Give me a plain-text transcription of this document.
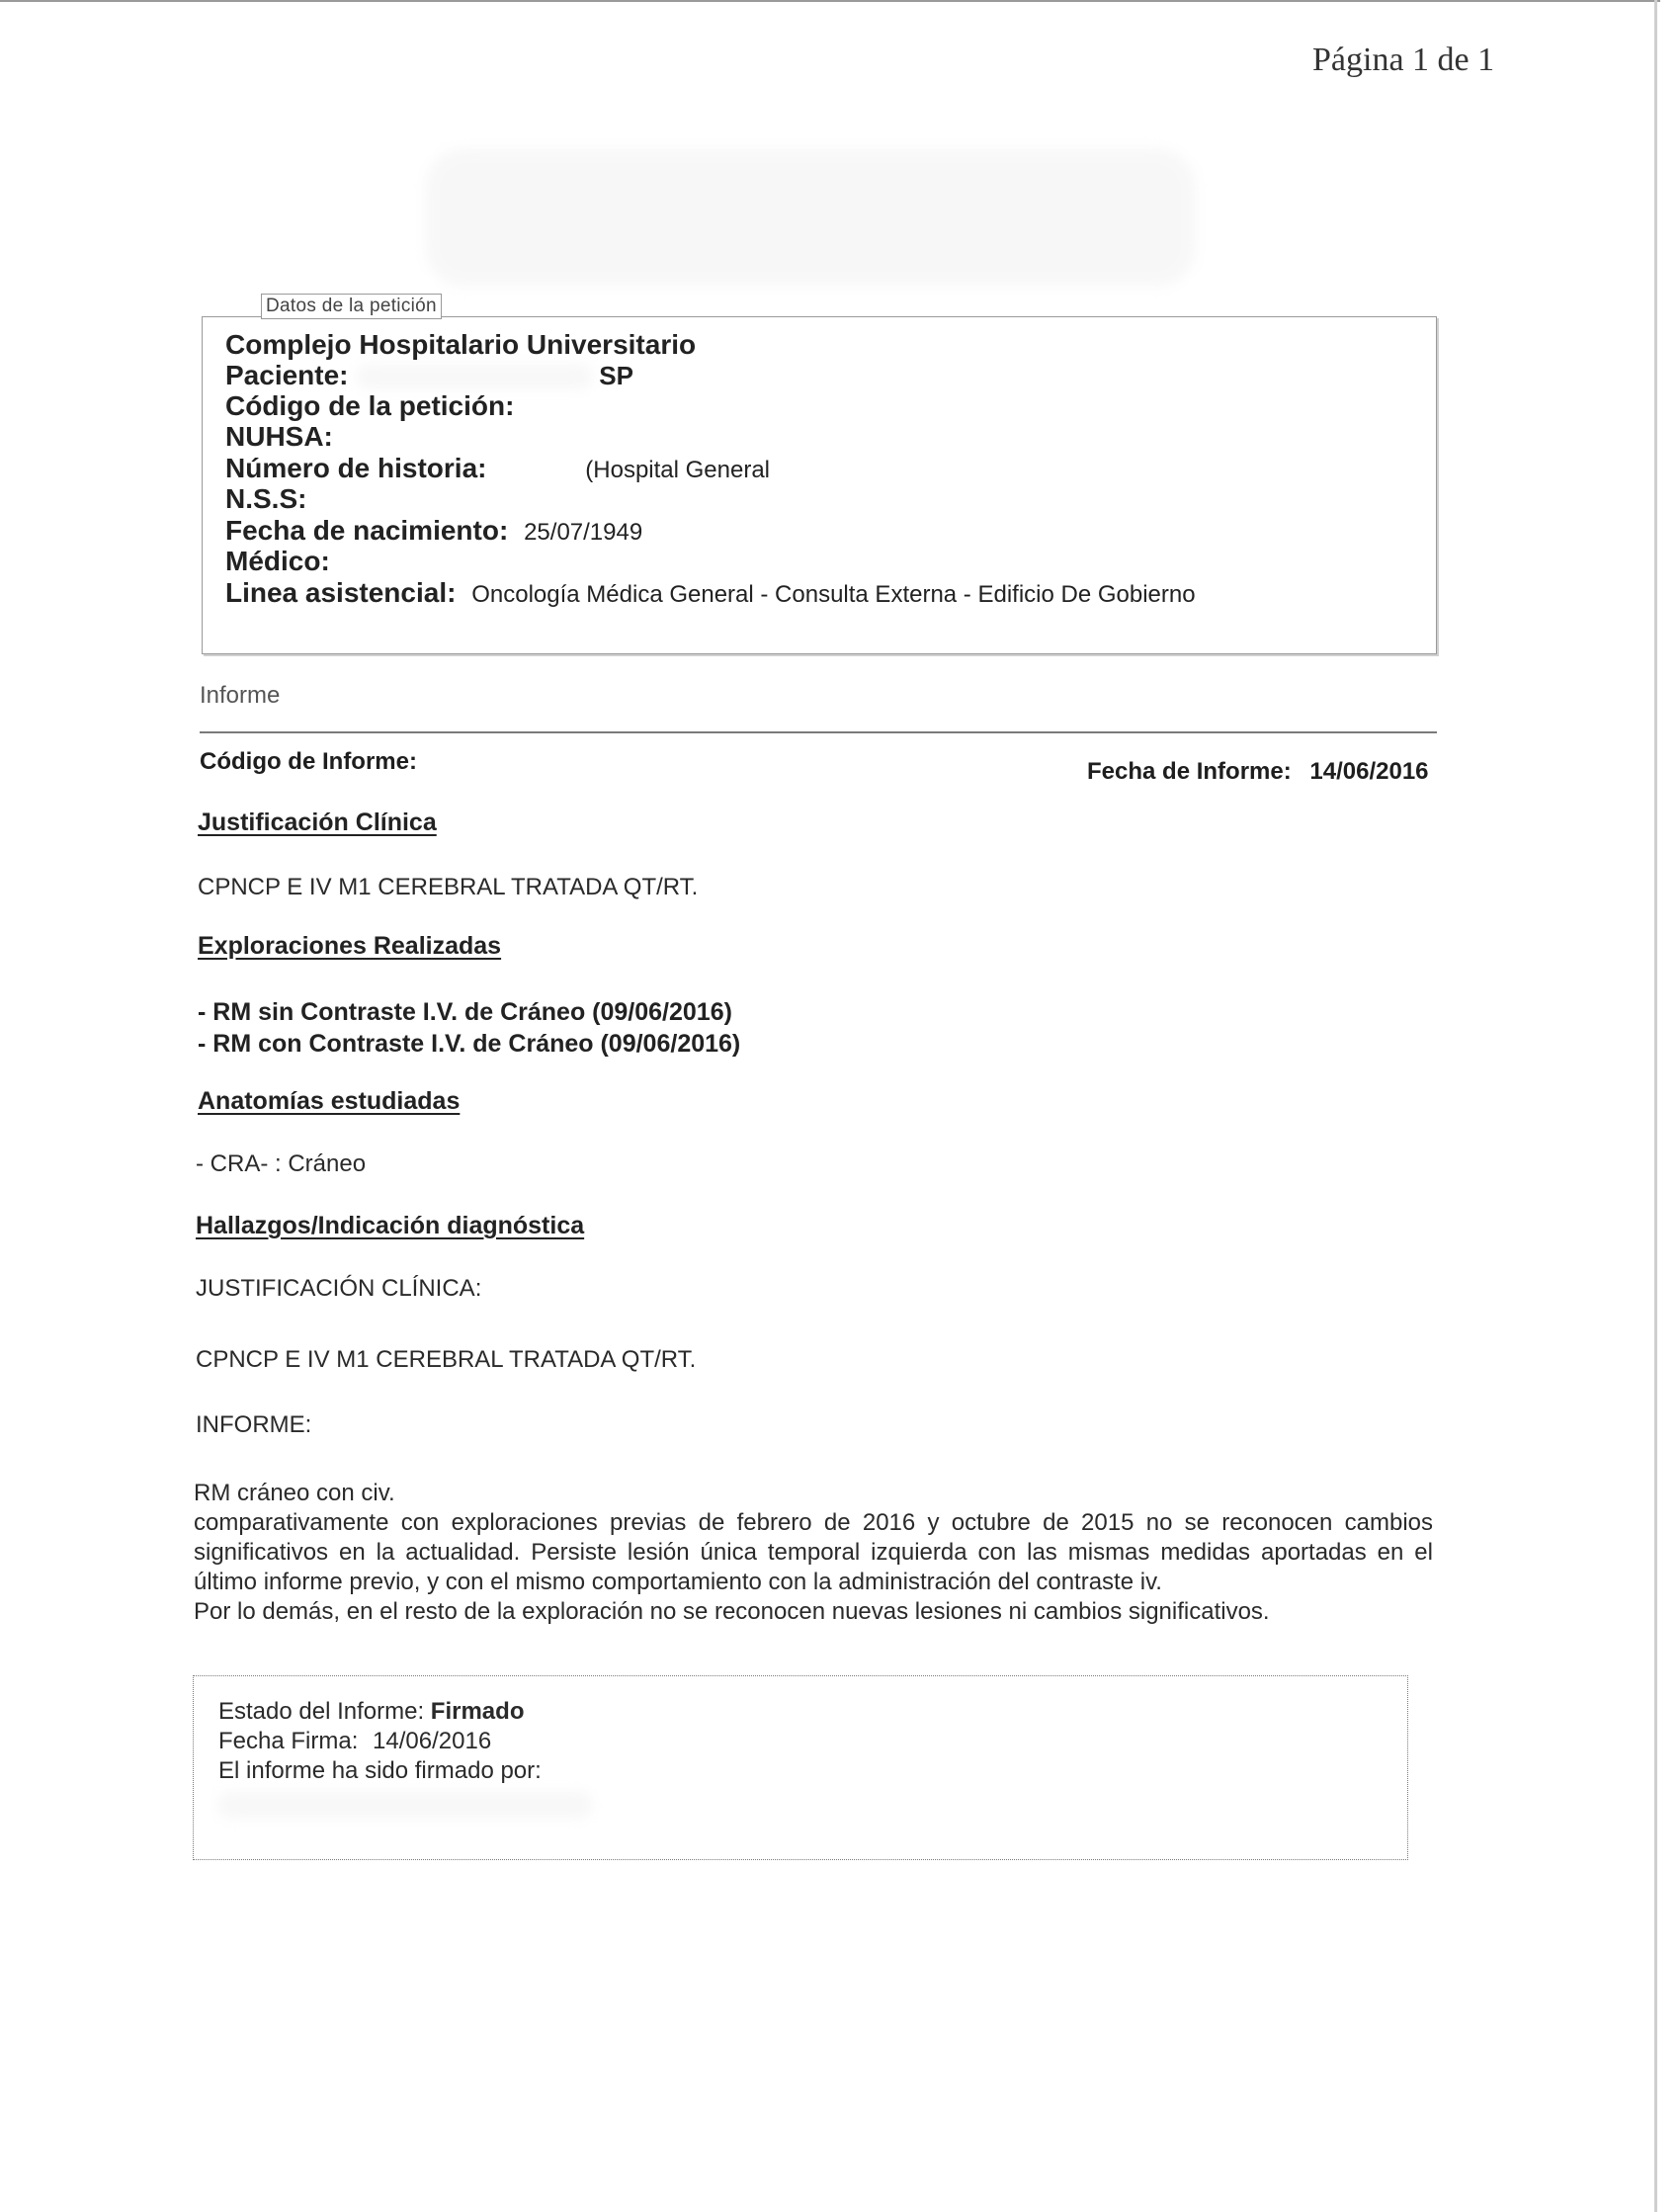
Página 1 de 1
Datos de la petición
Complejo Hospitalario Universitario
Paciente:	SP
Código de la petición:
NUHSA:
Número de historia:	(Hospital General
N.S.S:
Fecha de nacimiento: 25/07/1949
Médico:
Linea asistencial: Oncología Médica General - Consulta Externa - Edificio De Gobierno
Informe
Código de Informe:	Fecha de Informe: 14/06/2016
Justificación Clínica
CPNCP E IV M1 CEREBRAL TRATADA QT/RT.
Exploraciones Realizadas
- RM sin Contraste I.V. de Cráneo (09/06/2016)
- RM con Contraste I.V. de Cráneo (09/06/2016)
Anatomías estudiadas
- CRA- : Cráneo
Hallazgos/Indicación diagnóstica
JUSTIFICACIÓN CLÍNICA:
CPNCP E IV M1 CEREBRAL TRATADA QT/RT.
INFORME:

RM cráneo con civ.

comparativamente con exploraciones previas de febrero de 2016 y octubre de 2015 no se reconocen cambios significativos en la actualidad. Persiste lesión única temporal izquierda con las mismas medidas aportadas en el último informe previo, y con el mismo comportamiento con la administración del contraste iv.

Por lo demás, en el resto de la exploración no se reconocen nuevas lesiones ni cambios significativos.

Estado del Informe: Firmado
Fecha Firma: 14/06/2016
El informe ha sido firmado por:
